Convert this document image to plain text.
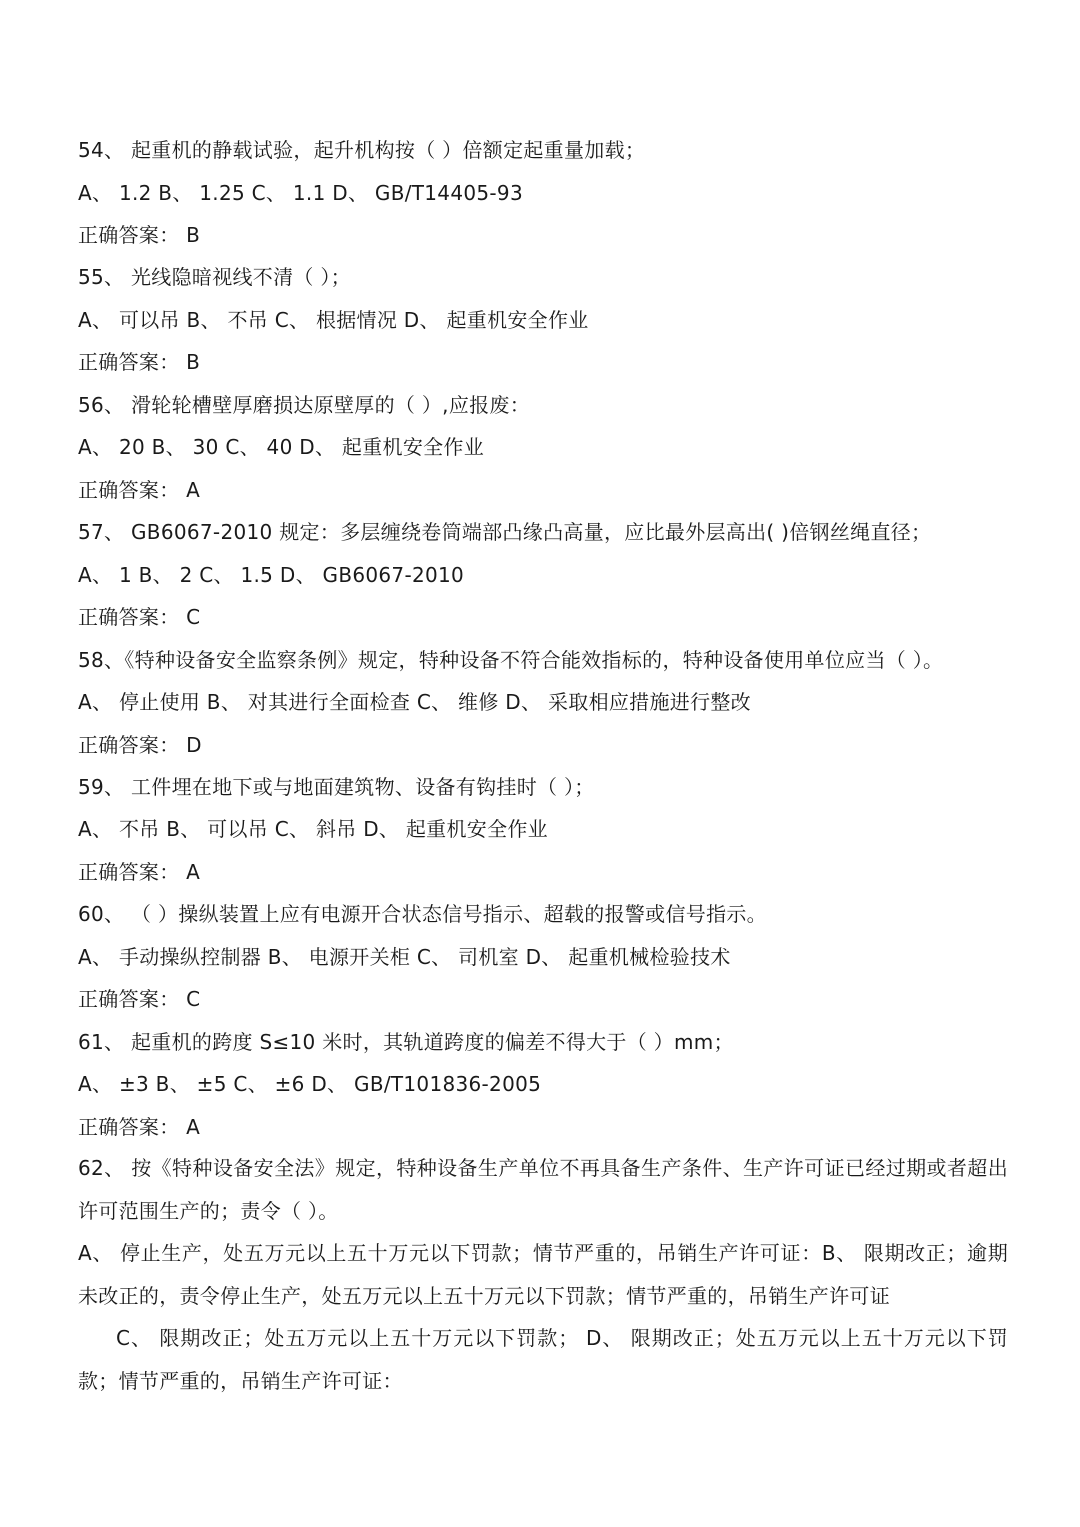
54、 起重机的静载试验，起升机构按（ ）倍额定起重量加载；
A、 1.2 B、 1.25 C、 1.1 D、 GB/T14405-93
正确答案： B
55、 光线隐暗视线不清（ ）；
A、 可以吊 B、 不吊 C、 根据情况 D、 起重机安全作业
正确答案： B
56、 滑轮轮槽壁厚磨损达原壁厚的（ ）,应报废：
A、 20 B、 30 C、 40 D、 起重机安全作业
正确答案： A
57、 GB6067-2010 规定：多层缠绕卷筒端部凸缘凸高量，应比最外层高出( )倍钢丝绳直径；
A、 1 B、 2 C、 1.5 D、 GB6067-2010
正确答案： C
58、《特种设备安全监察条例》规定，特种设备不符合能效指标的，特种设备使用单位应当（ ）。
A、 停止使用 B、 对其进行全面检查 C、 维修 D、 采取相应措施进行整改
正确答案： D
59、 工件埋在地下或与地面建筑物、设备有钩挂时（ ）；
A、 不吊 B、 可以吊 C、 斜吊 D、 起重机安全作业
正确答案： A
60、 （ ）操纵装置上应有电源开合状态信号指示、超载的报警或信号指示。
A、 手动操纵控制器 B、 电源开关柜 C、 司机室 D、 起重机械检验技术
正确答案： C
61、 起重机的跨度 S≤10 米时，其轨道跨度的偏差不得大于（ ）mm；
A、 ±3 B、 ±5 C、 ±6 D、 GB/T101836-2005
正确答案： A
62、 按《特种设备安全法》规定，特种设备生产单位不再具备生产条件、生产许可证已经过期或者超出许可范围生产的；责令（ ）。
A、 停止生产，处五万元以上五十万元以下罚款；情节严重的，吊销生产许可证：B、 限期改正；逾期未改正的，责令停止生产，处五万元以上五十万元以下罚款；情节严重的，吊销生产许可证
C、 限期改正；处五万元以上五十万元以下罚款； D、 限期改正；处五万元以上五十万元以下罚款；情节严重的，吊销生产许可证：
